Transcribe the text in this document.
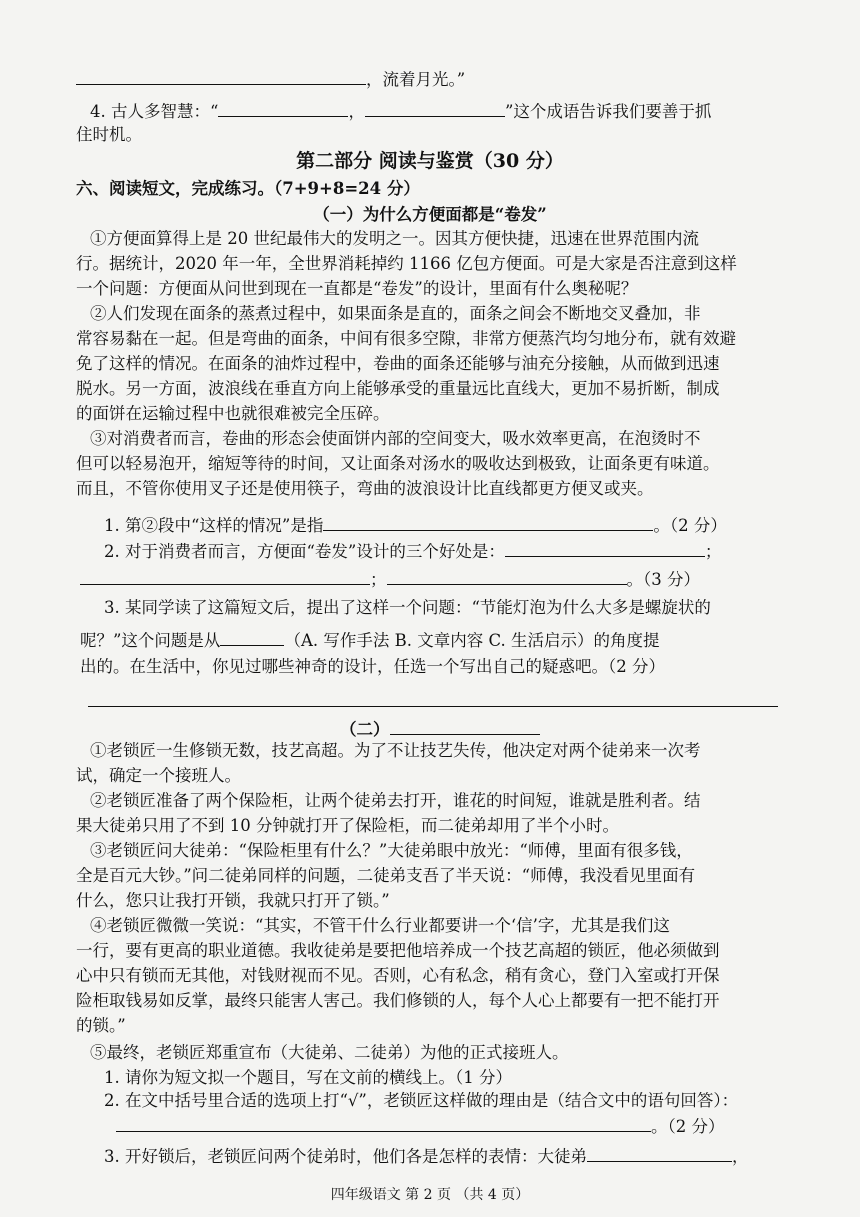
，流着月光。”
4. 古人多智慧：“	，	”这个成语告诉我们要善于抓
住时机。
第二部分 阅读与鉴赏（30 分）
六、阅读短文，完成练习。（7+9+8=24 分）
（一）为什么方便面都是“卷发”
①方便面算得上是 20 世纪最伟大的发明之一。因其方便快捷，迅速在世界范围内流
行。据统计，2020 年一年，全世界消耗掉约 1166 亿包方便面。可是大家是否注意到这样
一个问题：方便面从问世到现在一直都是“卷发”的设计，里面有什么奥秘呢？
②人们发现在面条的蒸煮过程中，如果面条是直的，面条之间会不断地交叉叠加，非
常容易黏在一起。但是弯曲的面条，中间有很多空隙，非常方便蒸汽均匀地分布，就有效避
免了这样的情况。在面条的油炸过程中，卷曲的面条还能够与油充分接触，从而做到迅速
脱水。另一方面，波浪线在垂直方向上能够承受的重量远比直线大，更加不易折断，制成
的面饼在运输过程中也就很难被完全压碎。
③对消费者而言，卷曲的形态会使面饼内部的空间变大，吸水效率更高，在泡烫时不
但可以轻易泡开，缩短等待的时间，又让面条对汤水的吸收达到极致，让面条更有味道。
而且，不管你使用叉子还是使用筷子，弯曲的波浪设计比直线都更方便叉或夹。
1. 第②段中“这样的情况”是指	。（2 分）
2. 对于消费者而言，方便面“卷发”设计的三个好处是：	；
；	。（3 分）
3. 某同学读了这篇短文后，提出了这样一个问题：“节能灯泡为什么大多是螺旋状的
呢？”这个问题是从	（A. 写作手法 B. 文章内容 C. 生活启示）的角度提
出的。在生活中，你见过哪些神奇的设计，任选一个写出自己的疑惑吧。（2 分）
（二）
①老锁匠一生修锁无数，技艺高超。为了不让技艺失传，他决定对两个徒弟来一次考
试，确定一个接班人。
②老锁匠准备了两个保险柜，让两个徒弟去打开，谁花的时间短，谁就是胜利者。结
果大徒弟只用了不到 10 分钟就打开了保险柜，而二徒弟却用了半个小时。
③老锁匠问大徒弟：“保险柜里有什么？”大徒弟眼中放光：“师傅，里面有很多钱，
全是百元大钞。”问二徒弟同样的问题，二徒弟支吾了半天说：“师傅，我没看见里面有
什么，您只让我打开锁，我就只打开了锁。”
④老锁匠微微一笑说：“其实，不管干什么行业都要讲一个‘信’字，尤其是我们这
一行，要有更高的职业道德。我收徒弟是要把他培养成一个技艺高超的锁匠，他必须做到
心中只有锁而无其他，对钱财视而不见。否则，心有私念，稍有贪心，登门入室或打开保
险柜取钱易如反掌，最终只能害人害己。我们修锁的人，每个人心上都要有一把不能打开
的锁。”
⑤最终，老锁匠郑重宣布（大徒弟、二徒弟）为他的正式接班人。
1. 请你为短文拟一个题目，写在文前的横线上。（1 分）
2. 在文中括号里合适的选项上打“√”，老锁匠这样做的理由是（结合文中的语句回答）：
。（2 分）
3. 开好锁后，老锁匠问两个徒弟时，他们各是怎样的表情：大徒弟	，
四年级语文 第 2 页 （共 4 页）
